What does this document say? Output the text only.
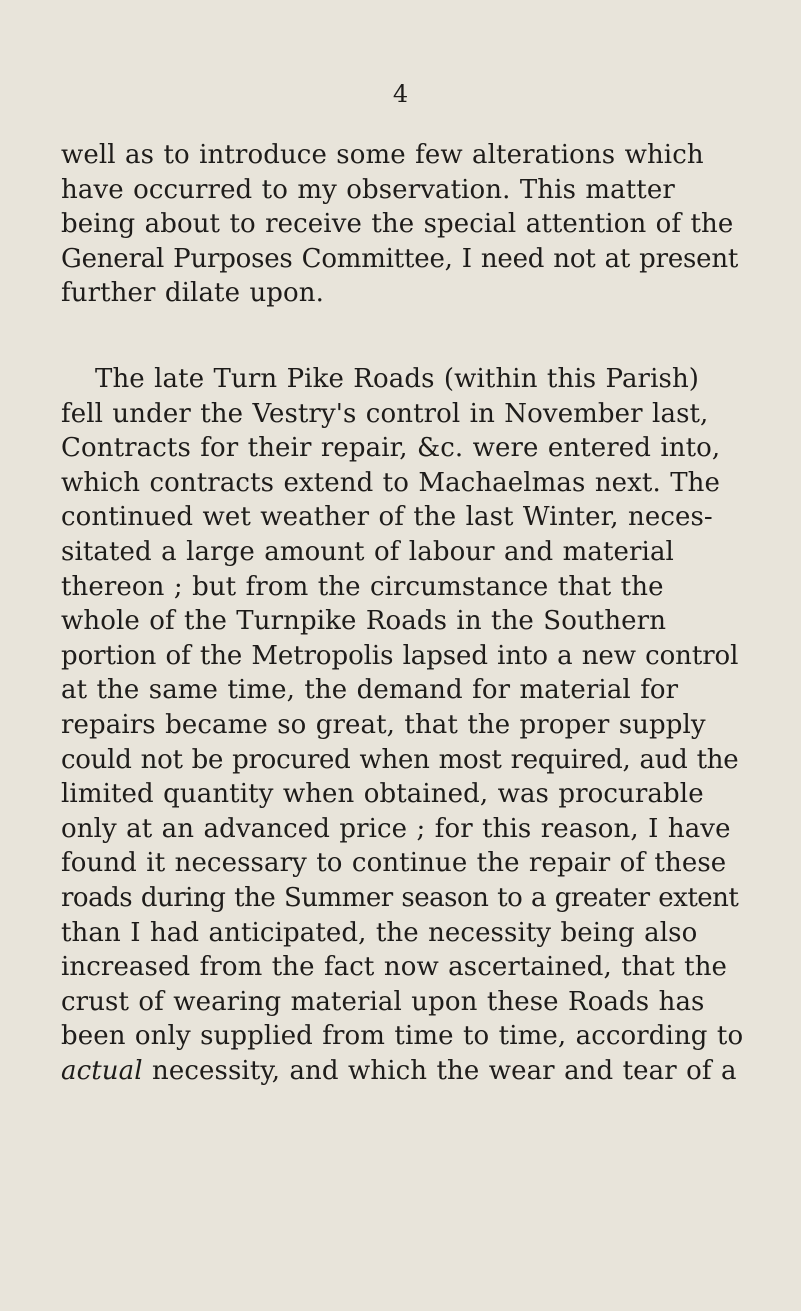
4
well as to introduce some few alterations which
have occurred to my observation. This matter
being about to receive the special attention of the
General Purposes Committee, I need not at present
further dilate upon.
The late Turn Pike Roads (within this Parish)
fell under the Vestry's control in November last,
Contracts for their repair, &c. were entered into,
which contracts extend to Machaelmas next. The
continued wet weather of the last Winter, neces-
sitated a large amount of labour and material
thereon ; but from the circumstance that the
whole of the Turnpike Roads in the Southern
portion of the Metropolis lapsed into a new control
at the same time, the demand for material for
repairs became so great, that the proper supply
could not be procured when most required, aud the
limited quantity when obtained, was procurable
only at an advanced price ; for this reason, I have
found it necessary to continue the repair of these
roads during the Summer season to a greater extent
than I had anticipated, the necessity being also
increased from the fact now ascertained, that the
crust of wearing material upon these Roads has
been only supplied from time to time, according to
actual necessity, and which the wear and tear of a
